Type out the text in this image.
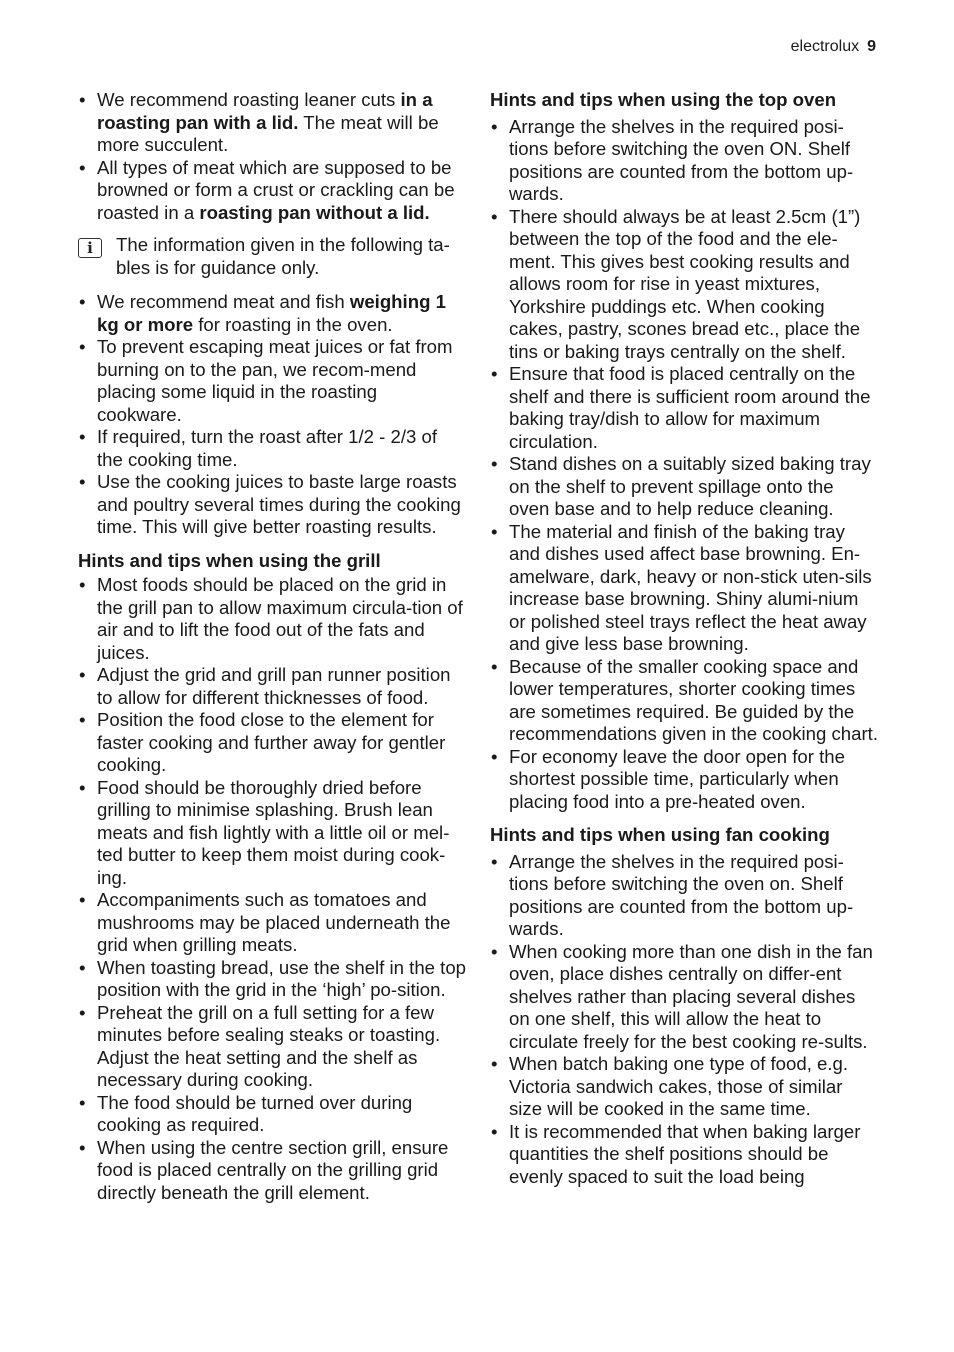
electrolux 9
• We recommend roasting leaner cuts in a roasting pan with a lid. The meat will be more succulent.
• All types of meat which are supposed to be browned or form a crust or crackling can be roasted in a roasting pan without a lid.
i	The information given in the following ta-bles is for guidance only.
• We recommend meat and fish weighing 1 kg or more for roasting in the oven.
• To prevent escaping meat juices or fat from burning on to the pan, we recom-mend placing some liquid in the roasting cookware.
• If required, turn the roast after 1/2 - 2/3 of the cooking time.
• Use the cooking juices to baste large roasts and poultry several times during the cooking time. This will give better roasting results.

Hints and tips when using the grill

• Most foods should be placed on the grid in the grill pan to allow maximum circula-tion of air and to lift the food out of the fats and juices.
• Adjust the grid and grill pan runner position to allow for different thicknesses of food.
• Position the food close to the element for faster cooking and further away for gentler cooking.
• Food should be thoroughly dried before grilling to minimise splashing. Brush lean meats and fish lightly with a little oil or mel-ted butter to keep them moist during cook-ing.
• Accompaniments such as tomatoes and mushrooms may be placed underneath the grid when grilling meats.
• When toasting bread, use the shelf in the top position with the grid in the ‘high’ po-sition.
• Preheat the grill on a full setting for a few minutes before sealing steaks or toasting. Adjust the heat setting and the shelf as necessary during cooking.
• The food should be turned over during cooking as required.
• When using the centre section grill, ensure food is placed centrally on the grilling grid directly beneath the grill element.

Hints and tips when using the top oven

• Arrange the shelves in the required posi-tions before switching the oven ON. Shelf positions are counted from the bottom up-wards.
• There should always be at least 2.5cm (1”) between the top of the food and the ele-ment. This gives best cooking results and allows room for rise in yeast mixtures, Yorkshire puddings etc. When cooking cakes, pastry, scones bread etc., place the tins or baking trays centrally on the shelf.
• Ensure that food is placed centrally on the shelf and there is sufficient room around the baking tray/dish to allow for maximum circulation.
• Stand dishes on a suitably sized baking tray on the shelf to prevent spillage onto the oven base and to help reduce cleaning.
• The material and finish of the baking tray and dishes used affect base browning. En-amelware, dark, heavy or non-stick uten-sils increase base browning. Shiny alumi-nium or polished steel trays reflect the heat away and give less base browning.
• Because of the smaller cooking space and lower temperatures, shorter cooking times are sometimes required. Be guided by the recommendations given in the cooking chart.
• For economy leave the door open for the shortest possible time, particularly when placing food into a pre-heated oven.

Hints and tips when using fan cooking

• Arrange the shelves in the required posi-tions before switching the oven on. Shelf positions are counted from the bottom up-wards.
• When cooking more than one dish in the fan oven, place dishes centrally on differ-ent shelves rather than placing several dishes on one shelf, this will allow the heat to circulate freely for the best cooking re-sults.
• When batch baking one type of food, e.g. Victoria sandwich cakes, those of similar size will be cooked in the same time.
• It is recommended that when baking larger quantities the shelf positions should be evenly spaced to suit the load being
